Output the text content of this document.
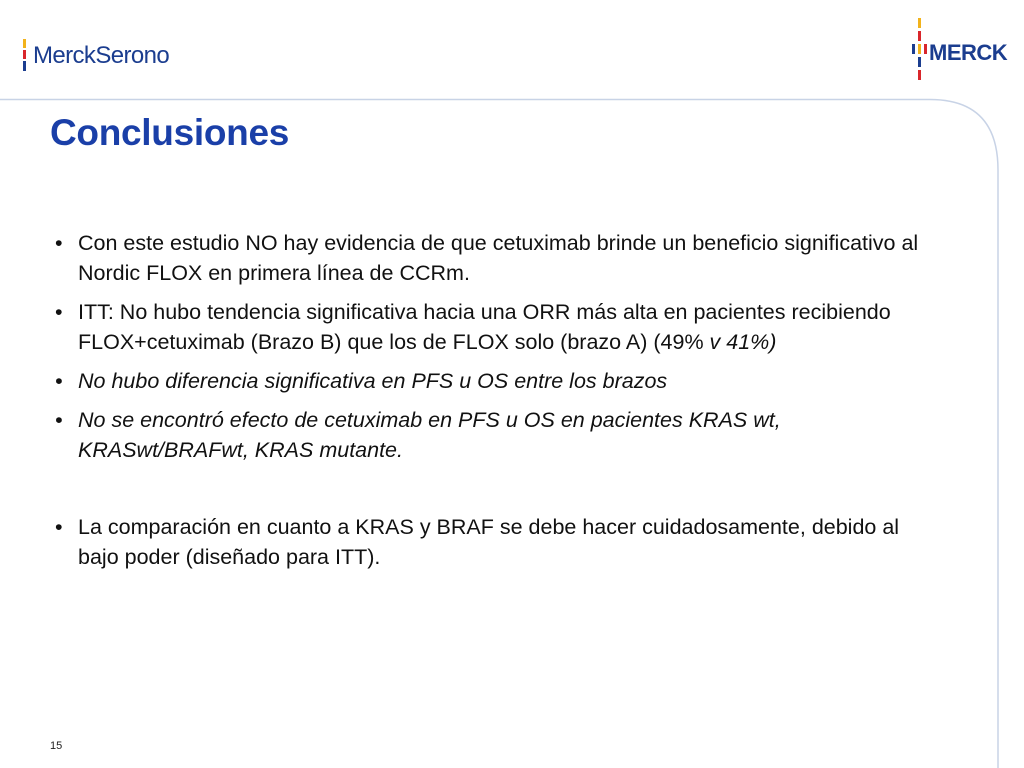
MerckSerono	MERCK
Conclusiones
• Con este estudio NO hay evidencia de que cetuximab brinde un beneficio significativo al Nordic FLOX en primera línea de CCRm.
• ITT: No hubo tendencia significativa hacia una ORR más alta en pacientes recibiendo FLOX+cetuximab (Brazo B) que los de FLOX solo (brazo A) (49% v 41%)
• No hubo diferencia significativa en PFS u OS entre los brazos
• No se encontró efecto de cetuximab en PFS u OS en pacientes KRAS wt, KRASwt/BRAFwt, KRAS mutante.
• La comparación en cuanto a KRAS y BRAF se debe hacer cuidadosamente, debido al bajo poder (diseñado para ITT).
15
